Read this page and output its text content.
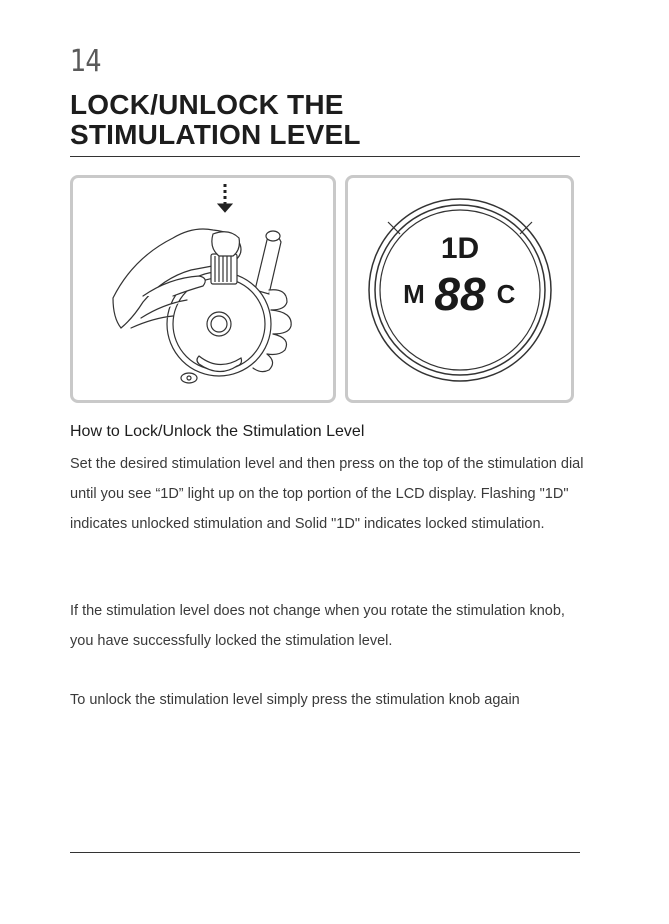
14
LOCK/UNLOCK THE
STIMULATION LEVEL
1D
M 88 C
How to Lock/Unlock the Stimulation Level

Set the desired stimulation level and then press on the top of the stimulation dial until you see “1D” light up on the top portion of the LCD display. Flashing "1D" indicates unlocked stimulation and Solid "1D" indicates locked stimulation.

If the stimulation level does not change when you rotate the stimulation knob, you have successfully locked the stimulation level.

To unlock the stimulation level simply press the stimulation knob again
